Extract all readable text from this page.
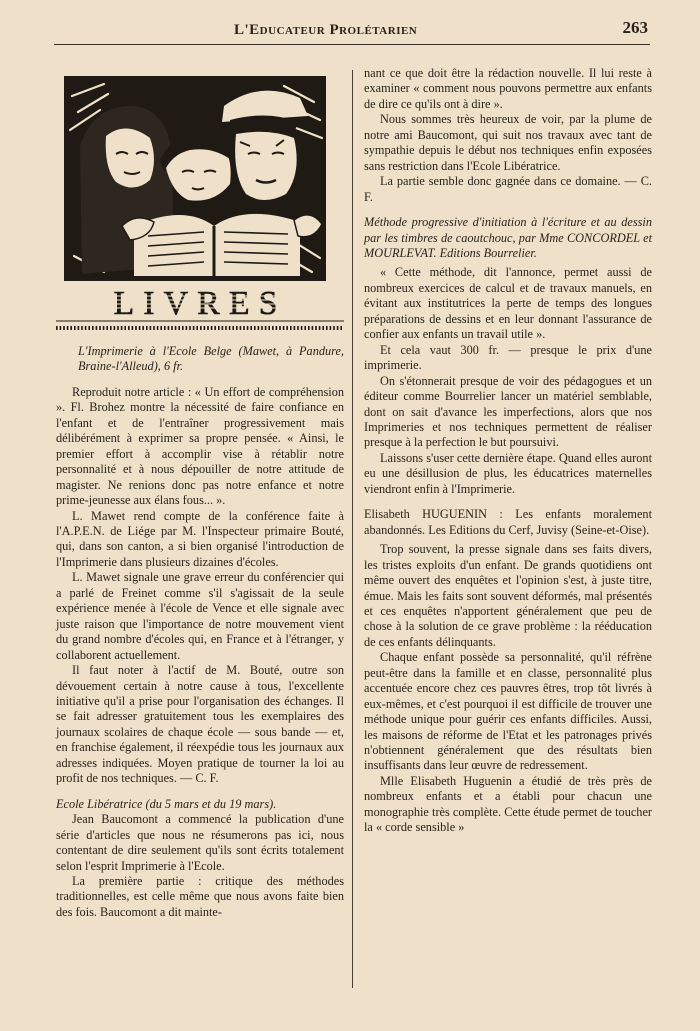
L'Educateur Prolétarien	263
LIVRES

L'Imprimerie à l'Ecole Belge (Mawet, à Pandure, Braine-l'Alleud), 6 fr.

Reproduit notre article : « Un effort de compréhension ». Fl. Brohez montre la nécessité de faire confiance en l'enfant et de l'entraîner progressivement mais délibérément à exprimer sa propre pensée. « Ainsi, le premier effort à accomplir vise à rétablir notre personnalité et à nous dépouiller de notre attitude de magister. Ne renions donc pas notre enfance et notre prime-jeunesse aux élans fous... ».

L. Mawet rend compte de la conférence faite à l'A.P.E.N. de Liége par M. l'Inspecteur primaire Bouté, qui, dans son canton, a si bien organisé l'introduction de l'Imprimerie dans plusieurs dizaines d'écoles.

L. Mawet signale une grave erreur du conférencier qui a parlé de Freinet comme s'il s'agissait de la seule expérience menée à l'école de Vence et elle signale avec juste raison que l'importance de notre mouvement vient du grand nombre d'écoles qui, en France et à l'étranger, y collaborent actuellement.

Il faut noter à l'actif de M. Bouté, outre son dévouement certain à notre cause à tous, l'excellente initiative qu'il a prise pour l'organisation des échanges. Il se fait adresser gratuitement tous les exemplaires des journaux scolaires de chaque école — sous bande — et, en franchise également, il réexpédie tous les journaux aux adresses indiquées. Moyen pratique de tourner la loi au profit de nos techniques. — C. F.

Ecole Libératrice (du 5 mars et du 19 mars).

Jean Baucomont a commencé la publication d'une série d'articles que nous ne résumerons pas ici, nous contentant de dire seulement qu'ils sont écrits totalement selon l'esprit Imprimerie à l'Ecole.

La première partie : critique des méthodes traditionnelles, est celle même que nous avons faite bien des fois. Baucomont a dit mainte-

nant ce que doit être la rédaction nouvelle. Il lui reste à examiner « comment nous pouvons permettre aux enfants de dire ce qu'ils ont à dire ».

Nous sommes très heureux de voir, par la plume de notre ami Baucomont, qui suit nos travaux avec tant de sympathie depuis le début nos techniques enfin exposées sans restriction dans l'Ecole Libératrice.

La partie semble donc gagnée dans ce domaine. — C. F.

Méthode progressive d'initiation à l'écriture et au dessin par les timbres de caoutchouc, par Mme CONCORDEL et MOURLEVAT. Editions Bourrelier.

« Cette méthode, dit l'annonce, permet aussi de nombreux exercices de calcul et de travaux manuels, en évitant aux institutrices la perte de temps des longues préparations de dessins et en leur donnant l'assurance de confier aux enfants un travail utile ».

Et cela vaut 300 fr. — presque le prix d'une imprimerie.

On s'étonnerait presque de voir des pédagogues et un éditeur comme Bourrelier lancer un matériel semblable, dont on sait d'avance les imperfections, alors que nos Imprimeries et nos techniques permettent de réaliser presque à la perfection le but poursuivi.

Laissons s'user cette dernière étape. Quand elles auront eu une désillusion de plus, les éducatrices maternelles viendront enfin à l'Imprimerie.

Elisabeth HUGUENIN : Les enfants moralement abandonnés. Les Editions du Cerf, Juvisy (Seine-et-Oise).

Trop souvent, la presse signale dans ses faits divers, les tristes exploits d'un enfant. De grands quotidiens ont même ouvert des enquêtes et l'opinion s'est, à juste titre, émue. Mais les faits sont souvent déformés, mal présentés et ces enquêtes n'apportent généralement que peu de chose à la solution de ce grave problème : la rééducation de ces enfants délinquants.

Chaque enfant possède sa personnalité, qu'il réfrène peut-être dans la famille et en classe, personnalité plus accentuée encore chez ces pauvres êtres, trop tôt livrés à eux-mêmes, et c'est pourquoi il est difficile de trouver une méthode unique pour guérir ces enfants difficiles. Aussi, les maisons de réforme de l'Etat et les patronages privés n'obtiennent généralement que des résultats bien insuffisants dans leur œuvre de redressement.

Mlle Elisabeth Huguenin a étudié de très près de nombreux enfants et a établi pour chacun une monographie très complète. Cette étude permet de toucher la « corde sensible »
